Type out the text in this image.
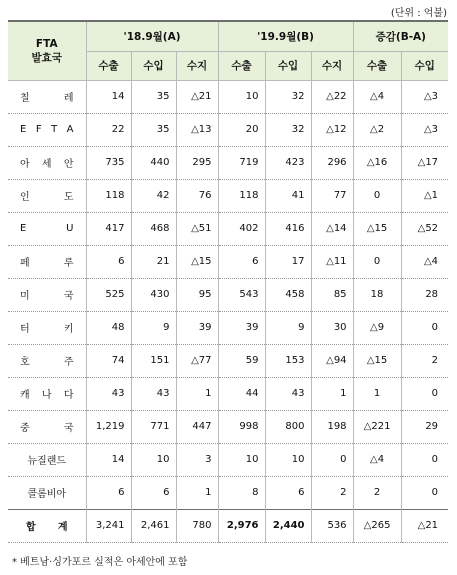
(단위 : 억불)
FTA
발효국	'18.9월(A)			'19.9월(B)			증감(B-A)	
	수출	수입	수지	수출	수입	수지	수출	수입

칠 레	14	35	△21	10	32	△22	△4	△3

E F T A	22	35	△13	20	32	△12	△2	△3

아 세 안	735	440	295	719	423	296	△16	△17

인 도	118	42	76	118	41	77	0	△1

E U	417	468	△51	402	416	△14	△15	△52

페 루	6	21	△15	6	17	△11	0	△4

미 국	525	430	95	543	458	85	18	28

터 키	48	9	39	39	9	30	△9	0

호 주	74	151	△77	59	153	△94	△15	2

캐 나 다	43	43	1	44	43	1	1	0

중 국	1,219	771	447	998	800	198	△221	29

뉴질랜드	14	10	3	10	10	0	△4	0

콜롬비아	6	6	1	8	6	2	2	0

합 계	3,241	2,461	780	2,976	2,440	536	△265	△21
* 베트남·싱가포르 실적은 아세안에 포함
